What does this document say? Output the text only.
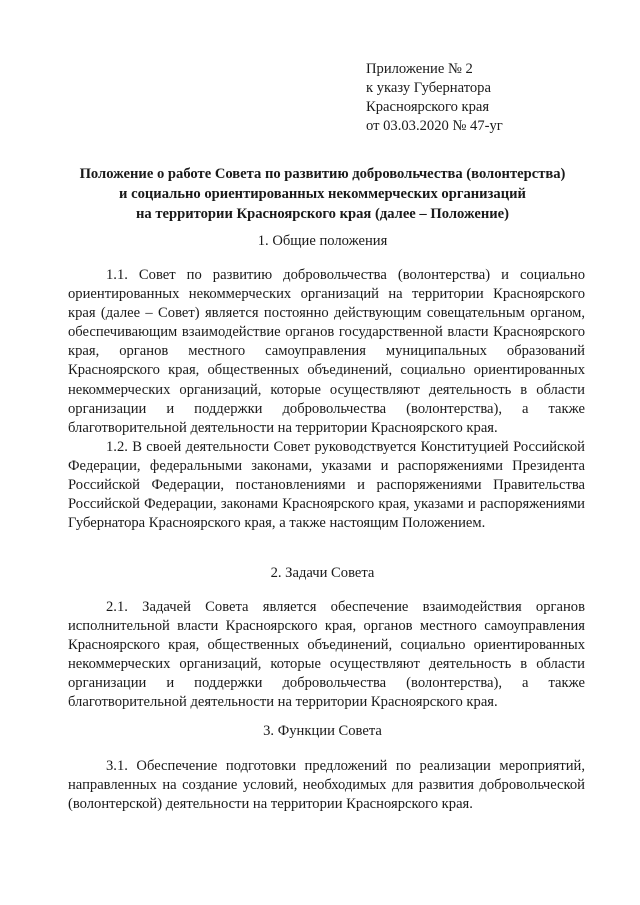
Приложение № 2
к указу Губернатора
Красноярского края
от 03.03.2020 № 47-уг
Положение о работе Совета по развитию добровольчества (волонтерства)
и социально ориентированных некоммерческих организаций
на территории Красноярского края (далее – Положение)
1. Общие положения

1.1. Совет по развитию добровольчества (волонтерства) и социально ориентированных некоммерческих организаций на территории Красноярского края (далее – Совет) является постоянно действующим совещательным органом, обеспечивающим взаимодействие органов государственной власти Красноярского края, органов местного самоуправления муниципальных образований Красноярского края, общественных объединений, социально ориентированных некоммерческих организаций, которые осуществляют деятельность в области организации и поддержки добровольчества (волонтерства), а также благотворительной деятельности на территории Красноярского края.

1.2. В своей деятельности Совет руководствуется Конституцией Российской Федерации, федеральными законами, указами и распоряжениями Президента Российской Федерации, постановлениями и распоряжениями Правительства Российской Федерации, законами Красноярского края, указами и распоряжениями Губернатора Красноярского края, а также настоящим Положением.

2. Задачи Совета

2.1. Задачей Совета является обеспечение взаимодействия органов исполнительной власти Красноярского края, органов местного самоуправления Красноярского края, общественных объединений, социально ориентированных некоммерческих организаций, которые осуществляют деятельность в области организации и поддержки добровольчества (волонтерства), а также благотворительной деятельности на территории Красноярского края.

3. Функции Совета

3.1. Обеспечение подготовки предложений по реализации мероприятий, направленных на создание условий, необходимых для развития добровольческой (волонтерской) деятельности на территории Красноярского края.
